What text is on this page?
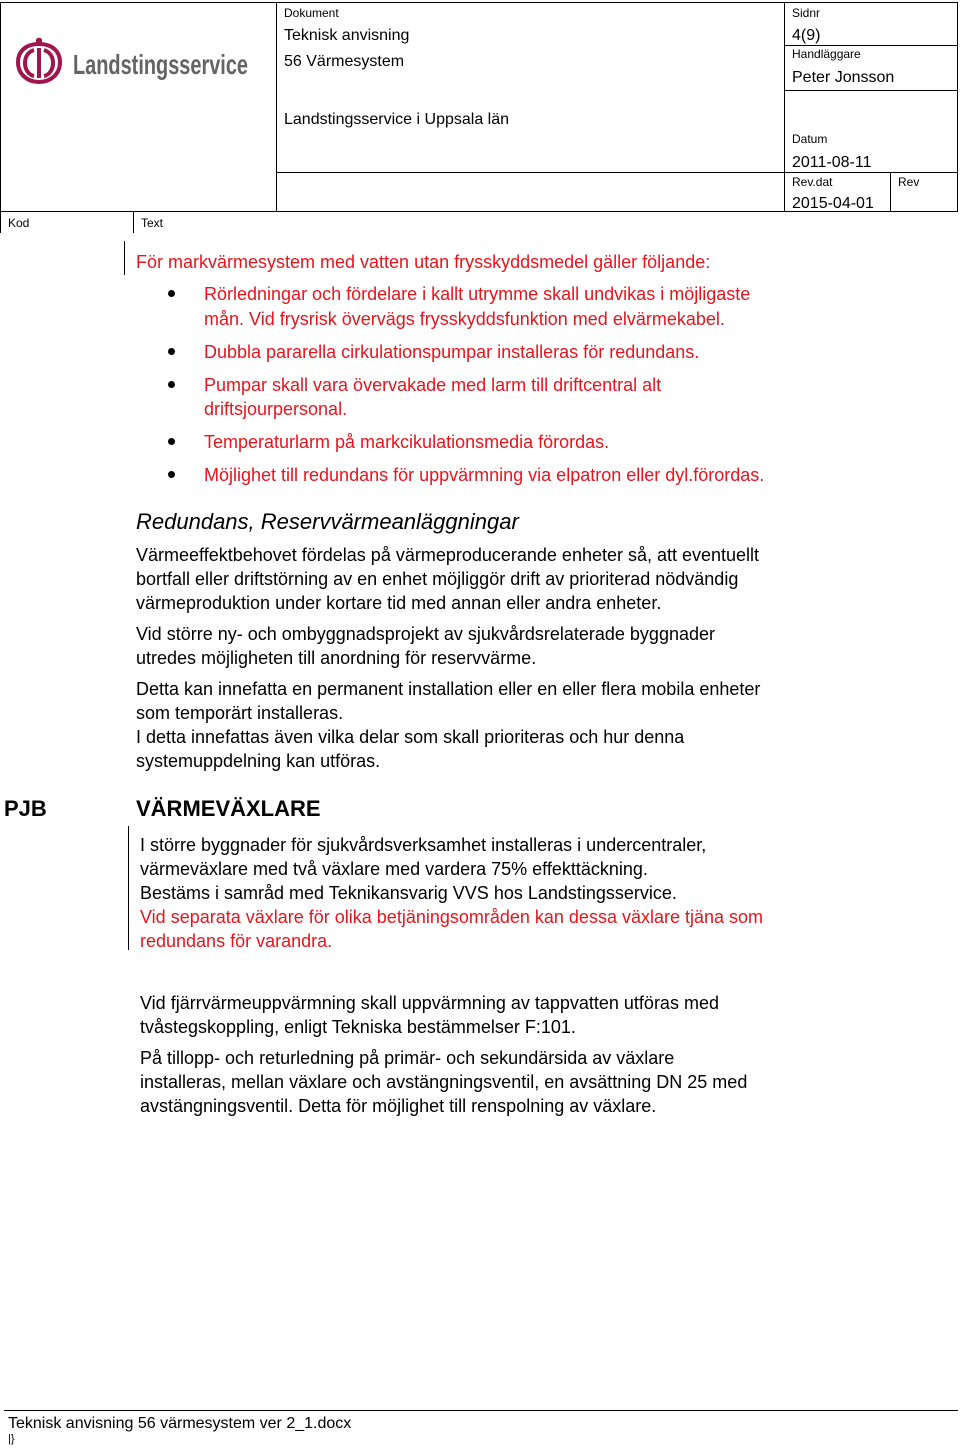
Landstingsservice
Dokument
Teknisk anvisning
56 Värmesystem
Landstingsservice i Uppsala län
Sidnr
4(9)
Handläggare
Peter Jonsson
Datum
2011-08-11
Rev.dat
2015-04-01
Rev
Kod	Text
För markvärmesystem med vatten utan frysskyddsmedel gäller följande:
Rörledningar och fördelare i kallt utrymme skall undvikas i möjligaste
mån. Vid frysrisk övervägs frysskyddsfunktion med elvärmekabel.
Dubbla pararella cirkulationspumpar installeras för redundans.
Pumpar skall vara övervakade med larm till driftcentral alt
driftsjourpersonal.
Temperaturlarm på markcikulationsmedia förordas.
Möjlighet till redundans för uppvärmning via elpatron eller dyl.förordas.
Redundans, Reservvärmeanläggningar
Värmeeffektbehovet fördelas på värmeproducerande enheter så, att eventuellt
bortfall eller driftstörning av en enhet möjliggör drift av prioriterad nödvändig
värmeproduktion under kortare tid med annan eller andra enheter.
Vid större ny- och ombyggnadsprojekt av sjukvårdsrelaterade byggnader
utredes möjligheten till anordning för reservvärme.
Detta kan innefatta en permanent installation eller en eller flera mobila enheter
som temporärt installeras.
I detta innefattas även vilka delar som skall prioriteras och hur denna
systemuppdelning kan utföras.
PJB	VÄRMEVÄXLARE
I större byggnader för sjukvårdsverksamhet installeras i undercentraler,
värmeväxlare med två växlare med vardera 75% effekttäckning.
Bestäms i samråd med Teknikansvarig VVS hos Landstingsservice.
Vid separata växlare för olika betjäningsområden kan dessa växlare tjäna som
redundans för varandra.
Vid fjärrvärmeuppvärmning skall uppvärmning av tappvatten utföras med
tvåstegskoppling, enligt Tekniska bestämmelser F:101.
På tillopp- och returledning på primär- och sekundärsida av växlare
installeras, mellan växlare och avstängningsventil, en avsättning DN 25 med
avstängningsventil. Detta för möjlighet till renspolning av växlare.
Teknisk anvisning 56 värmesystem ver 2_1.docx
|}
